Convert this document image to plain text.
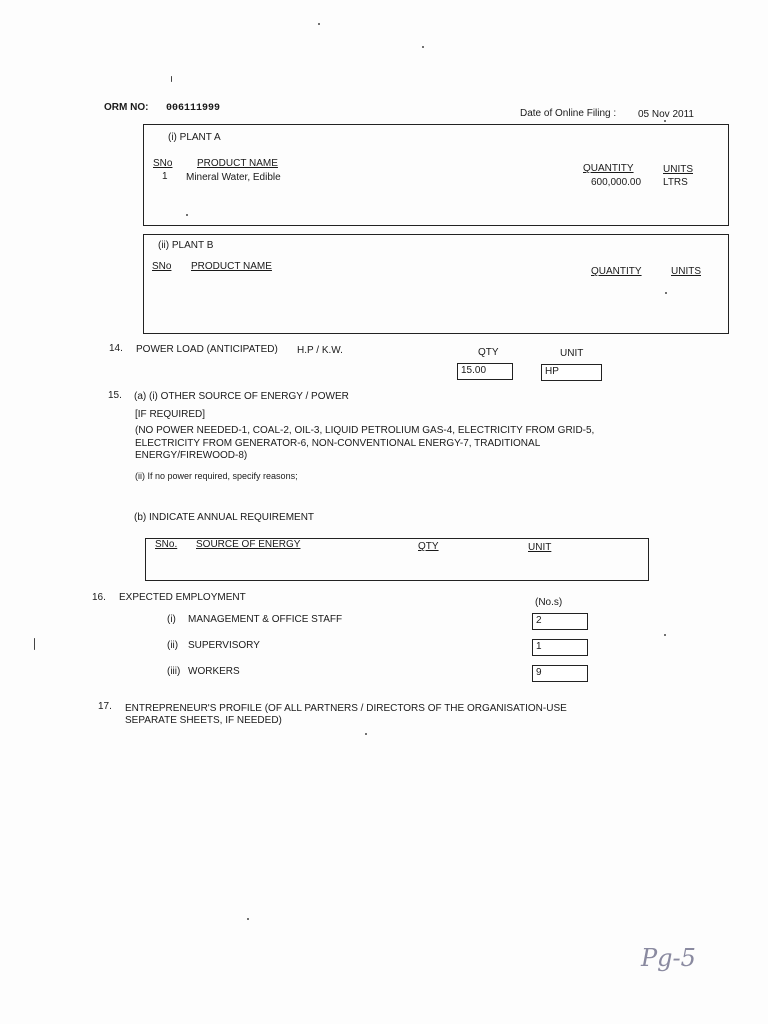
ORM NO: 006111999	Date of Online Filing : 05 Nov 2011
(i) PLANT A
SNo PRODUCT NAME	QUANTITY	UNITS
1 Mineral Water, Edible	600,000.00 LTRS
(ii) PLANT B
SNo PRODUCT NAME	QUANTITY	UNITS
14. POWER LOAD (ANTICIPATED) H.P / K.W.	QTY	UNIT
15.00	HP
15. (a) (i) OTHER SOURCE OF ENERGY / POWER
[IF REQUIRED]
(NO POWER NEEDED-1, COAL-2, OIL-3, LIQUID PETROLIUM GAS-4, ELECTRICITY FROM GRID-5,
ELECTRICITY FROM GENERATOR-6, NON-CONVENTIONAL ENERGY-7, TRADITIONAL
ENERGY/FIREWOOD-8)
(ii) If no power required, specify reasons;
(b) INDICATE ANNUAL REQUIREMENT
SNo. SOURCE OF ENERGY	QTY	UNIT
16. EXPECTED EMPLOYMENT	(No.s)
(i) MANAGEMENT & OFFICE STAFF	2
(ii) SUPERVISORY	1
(iii) WORKERS	9
17. ENTREPRENEUR'S PROFILE (OF ALL PARTNERS / DIRECTORS OF THE ORGANISATION-USE
SEPARATE SHEETS, IF NEEDED)
Pg-5
